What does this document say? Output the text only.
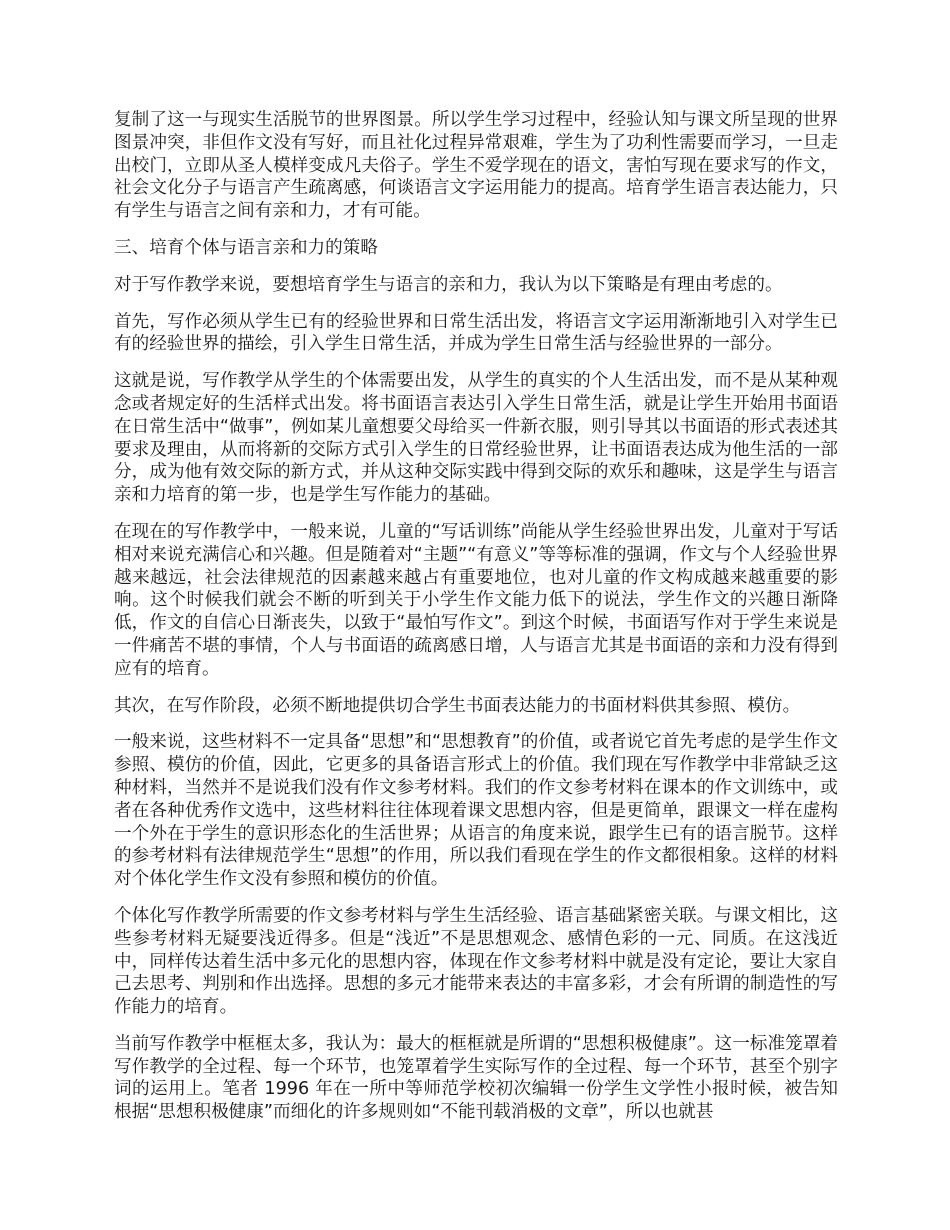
复制了这一与现实生活脱节的世界图景。所以学生学习过程中，经验认知与课文所呈现的世界图景冲突，非但作文没有写好，而且社化过程异常艰难，学生为了功利性需要而学习，一旦走出校门，立即从圣人模样变成凡夫俗子。学生不爱学现在的语文，害怕写现在要求写的作文，社会文化分子与语言产生疏离感，何谈语言文字运用能力的提高。培育学生语言表达能力，只有学生与语言之间有亲和力，才有可能。

三、培育个体与语言亲和力的策略

对于写作教学来说，要想培育学生与语言的亲和力，我认为以下策略是有理由考虑的。

首先，写作必须从学生已有的经验世界和日常生活出发，将语言文字运用渐渐地引入对学生已有的经验世界的描绘，引入学生日常生活，并成为学生日常生活与经验世界的一部分。

这就是说，写作教学从学生的个体需要出发，从学生的真实的个人生活出发，而不是从某种观念或者规定好的生活样式出发。将书面语言表达引入学生日常生活，就是让学生开始用书面语在日常生活中“做事”，例如某儿童想要父母给买一件新衣服，则引导其以书面语的形式表述其要求及理由，从而将新的交际方式引入学生的日常经验世界，让书面语表达成为他生活的一部分，成为他有效交际的新方式，并从这种交际实践中得到交际的欢乐和趣味，这是学生与语言亲和力培育的第一步，也是学生写作能力的基础。

在现在的写作教学中，一般来说，儿童的“写话训练”尚能从学生经验世界出发，儿童对于写话相对来说充满信心和兴趣。但是随着对“主题”“有意义”等等标准的强调，作文与个人经验世界越来越远，社会法律规范的因素越来越占有重要地位，也对儿童的作文构成越来越重要的影响。这个时候我们就会不断的听到关于小学生作文能力低下的说法，学生作文的兴趣日渐降低，作文的自信心日渐丧失，以致于“最怕写作文”。到这个时候，书面语写作对于学生来说是一件痛苦不堪的事情，个人与书面语的疏离感日增，人与语言尤其是书面语的亲和力没有得到应有的培育。

其次，在写作阶段，必须不断地提供切合学生书面表达能力的书面材料供其参照、模仿。

一般来说，这些材料不一定具备“思想”和“思想教育”的价值，或者说它首先考虑的是学生作文参照、模仿的价值，因此，它更多的具备语言形式上的价值。我们现在写作教学中非常缺乏这种材料，当然并不是说我们没有作文参考材料。我们的作文参考材料在课本的作文训练中，或者在各种优秀作文选中，这些材料往往体现着课文思想内容，但是更简单，跟课文一样在虚构一个外在于学生的意识形态化的生活世界；从语言的角度来说，跟学生已有的语言脱节。这样的参考材料有法律规范学生“思想”的作用，所以我们看现在学生的作文都很相象。这样的材料对个体化学生作文没有参照和模仿的价值。

个体化写作教学所需要的作文参考材料与学生生活经验、语言基础紧密关联。与课文相比，这些参考材料无疑要浅近得多。但是“浅近”不是思想观念、感情色彩的一元、同质。在这浅近中，同样传达着生活中多元化的思想内容，体现在作文参考材料中就是没有定论，要让大家自己去思考、判别和作出选择。思想的多元才能带来表达的丰富多彩，才会有所谓的制造性的写作能力的培育。

当前写作教学中框框太多，我认为：最大的框框就是所谓的“思想积极健康”。这一标准笼罩着写作教学的全过程、每一个环节，也笼罩着学生实际写作的全过程、每一个环节，甚至个别字词的运用上。笔者 1996 年在一所中等师范学校初次编辑一份学生文学性小报时候，被告知根据“思想积极健康”而细化的许多规则如“不能刊载消极的文章”，所以也就甚
